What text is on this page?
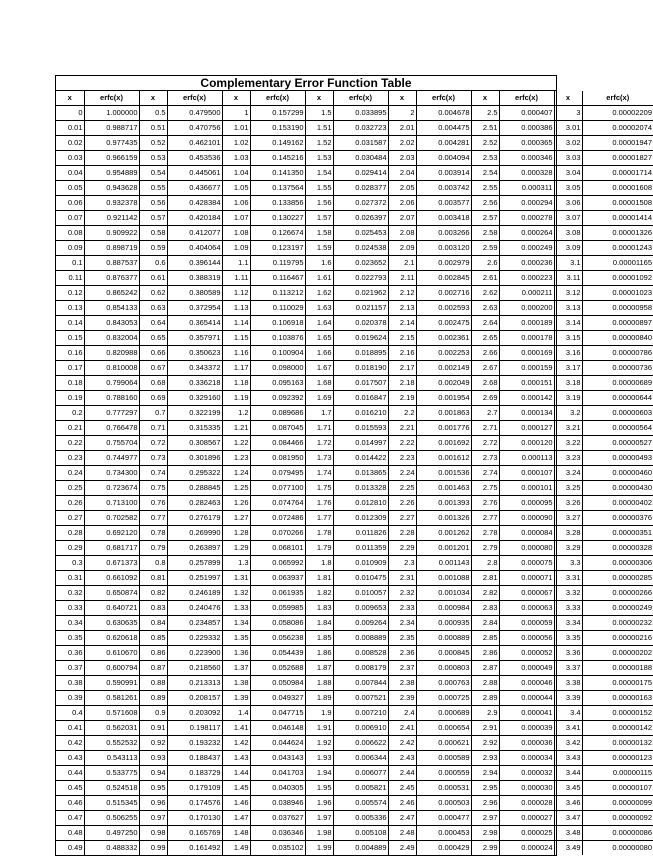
Complementary Error Function Table
x	erfc(x)	x	erfc(x)	x	erfc(x)	x	erfc(x)	x	erfc(x)	x	erfc(x)	x	erfc(x)
0	1.000000	0.5	0.479500	1	0.157299	1.5	0.033895	2	0.004678	2.5	0.000407	3	0.00002209
0.01	0.988717	0.51	0.470756	1.01	0.153190	1.51	0.032723	2.01	0.004475	2.51	0.000386	3.01	0.00002074
0.02	0.977435	0.52	0.462101	1.02	0.149162	1.52	0.031587	2.02	0.004281	2.52	0.000365	3.02	0.00001947
0.03	0.966159	0.53	0.453536	1.03	0.145216	1.53	0.030484	2.03	0.004094	2.53	0.000346	3.03	0.00001827
0.04	0.954889	0.54	0.445061	1.04	0.141350	1.54	0.029414	2.04	0.003914	2.54	0.000328	3.04	0.00001714
0.05	0.943628	0.55	0.436677	1.05	0.137564	1.55	0.028377	2.05	0.003742	2.55	0.000311	3.05	0.00001608
0.06	0.932378	0.56	0.428384	1.06	0.133856	1.56	0.027372	2.06	0.003577	2.56	0.000294	3.06	0.00001508
0.07	0.921142	0.57	0.420184	1.07	0.130227	1.57	0.026397	2.07	0.003418	2.57	0.000278	3.07	0.00001414
0.08	0.909922	0.58	0.412077	1.08	0.126674	1.58	0.025453	2.08	0.003266	2.58	0.000264	3.08	0.00001326
0.09	0.898719	0.59	0.404064	1.09	0.123197	1.59	0.024538	2.09	0.003120	2.59	0.000249	3.09	0.00001243
0.1	0.887537	0.6	0.396144	1.1	0.119795	1.6	0.023652	2.1	0.002979	2.6	0.000236	3.1	0.00001165
0.11	0.876377	0.61	0.388319	1.11	0.116467	1.61	0.022793	2.11	0.002845	2.61	0.000223	3.11	0.00001092
0.12	0.865242	0.62	0.380589	1.12	0.113212	1.62	0.021962	2.12	0.002716	2.62	0.000211	3.12	0.00001023
0.13	0.854133	0.63	0.372954	1.13	0.110029	1.63	0.021157	2.13	0.002593	2.63	0.000200	3.13	0.00000958
0.14	0.843053	0.64	0.365414	1.14	0.106918	1.64	0.020378	2.14	0.002475	2.64	0.000189	3.14	0.00000897
0.15	0.832004	0.65	0.357971	1.15	0.103876	1.65	0.019624	2.15	0.002361	2.65	0.000178	3.15	0.00000840
0.16	0.820988	0.66	0.350623	1.16	0.100904	1.66	0.018895	2.16	0.002253	2.66	0.000169	3.16	0.00000786
0.17	0.810008	0.67	0.343372	1.17	0.098000	1.67	0.018190	2.17	0.002149	2.67	0.000159	3.17	0.00000736
0.18	0.799064	0.68	0.336218	1.18	0.095163	1.68	0.017507	2.18	0.002049	2.68	0.000151	3.18	0.00000689
0.19	0.788160	0.69	0.329160	1.19	0.092392	1.69	0.016847	2.19	0.001954	2.69	0.000142	3.19	0.00000644
0.2	0.777297	0.7	0.322199	1.2	0.089686	1.7	0.016210	2.2	0.001863	2.7	0.000134	3.2	0.00000603
0.21	0.766478	0.71	0.315335	1.21	0.087045	1.71	0.015593	2.21	0.001776	2.71	0.000127	3.21	0.00000564
0.22	0.755704	0.72	0.308567	1.22	0.084466	1.72	0.014997	2.22	0.001692	2.72	0.000120	3.22	0.00000527
0.23	0.744977	0.73	0.301896	1.23	0.081950	1.73	0.014422	2.23	0.001612	2.73	0.000113	3.23	0.00000493
0.24	0.734300	0.74	0.295322	1.24	0.079495	1.74	0.013865	2.24	0.001536	2.74	0.000107	3.24	0.00000460
0.25	0.723674	0.75	0.288845	1.25	0.077100	1.75	0.013328	2.25	0.001463	2.75	0.000101	3.25	0.00000430
0.26	0.713100	0.76	0.282463	1.26	0.074764	1.76	0.012810	2.26	0.001393	2.76	0.000095	3.26	0.00000402
0.27	0.702582	0.77	0.276179	1.27	0.072486	1.77	0.012309	2.27	0.001326	2.77	0.000090	3.27	0.00000376
0.28	0.692120	0.78	0.269990	1.28	0.070266	1.78	0.011826	2.28	0.001262	2.78	0.000084	3.28	0.00000351
0.29	0.681717	0.79	0.263897	1.29	0.068101	1.79	0.011359	2.29	0.001201	2.79	0.000080	3.29	0.00000328
0.3	0.671373	0.8	0.257899	1.3	0.065992	1.8	0.010909	2.3	0.001143	2.8	0.000075	3.3	0.00000306
0.31	0.661092	0.81	0.251997	1.31	0.063937	1.81	0.010475	2.31	0.001088	2.81	0.000071	3.31	0.00000285
0.32	0.650874	0.82	0.246189	1.32	0.061935	1.82	0.010057	2.32	0.001034	2.82	0.000067	3.32	0.00000266
0.33	0.640721	0.83	0.240476	1.33	0.059985	1.83	0.009653	2.33	0.000984	2.83	0.000063	3.33	0.00000249
0.34	0.630635	0.84	0.234857	1.34	0.058086	1.84	0.009264	2.34	0.000935	2.84	0.000059	3.34	0.00000232
0.35	0.620618	0.85	0.229332	1.35	0.056238	1.85	0.008889	2.35	0.000889	2.85	0.000056	3.35	0.00000216
0.36	0.610670	0.86	0.223900	1.36	0.054439	1.86	0.008528	2.36	0.000845	2.86	0.000052	3.36	0.00000202
0.37	0.600794	0.87	0.218560	1.37	0.052688	1.87	0.008179	2.37	0.000803	2.87	0.000049	3.37	0.00000188
0.38	0.590991	0.88	0.213313	1.38	0.050984	1.88	0.007844	2.38	0.000763	2.88	0.000046	3.38	0.00000175
0.39	0.581261	0.89	0.208157	1.39	0.049327	1.89	0.007521	2.39	0.000725	2.89	0.000044	3.39	0.00000163
0.4	0.571608	0.9	0.203092	1.4	0.047715	1.9	0.007210	2.4	0.000689	2.9	0.000041	3.4	0.00000152
0.41	0.562031	0.91	0.198117	1.41	0.046148	1.91	0.006910	2.41	0.000654	2.91	0.000039	3.41	0.00000142
0.42	0.552532	0.92	0.193232	1.42	0.044624	1.92	0.006622	2.42	0.000621	2.92	0.000036	3.42	0.00000132
0.43	0.543113	0.93	0.188437	1.43	0.043143	1.93	0.006344	2.43	0.000589	2.93	0.000034	3.43	0.00000123
0.44	0.533775	0.94	0.183729	1.44	0.041703	1.94	0.006077	2.44	0.000559	2.94	0.000032	3.44	0.00000115
0.45	0.524518	0.95	0.179109	1.45	0.040305	1.95	0.005821	2.45	0.000531	2.95	0.000030	3.45	0.00000107
0.46	0.515345	0.96	0.174576	1.46	0.038946	1.96	0.005574	2.46	0.000503	2.96	0.000028	3.46	0.00000099
0.47	0.506255	0.97	0.170130	1.47	0.037627	1.97	0.005336	2.47	0.000477	2.97	0.000027	3.47	0.00000092
0.48	0.497250	0.98	0.165769	1.48	0.036346	1.98	0.005108	2.48	0.000453	2.98	0.000025	3.48	0.00000086
0.49	0.488332	0.99	0.161492	1.49	0.035102	1.99	0.004889	2.49	0.000429	2.99	0.000024	3.49	0.00000080
